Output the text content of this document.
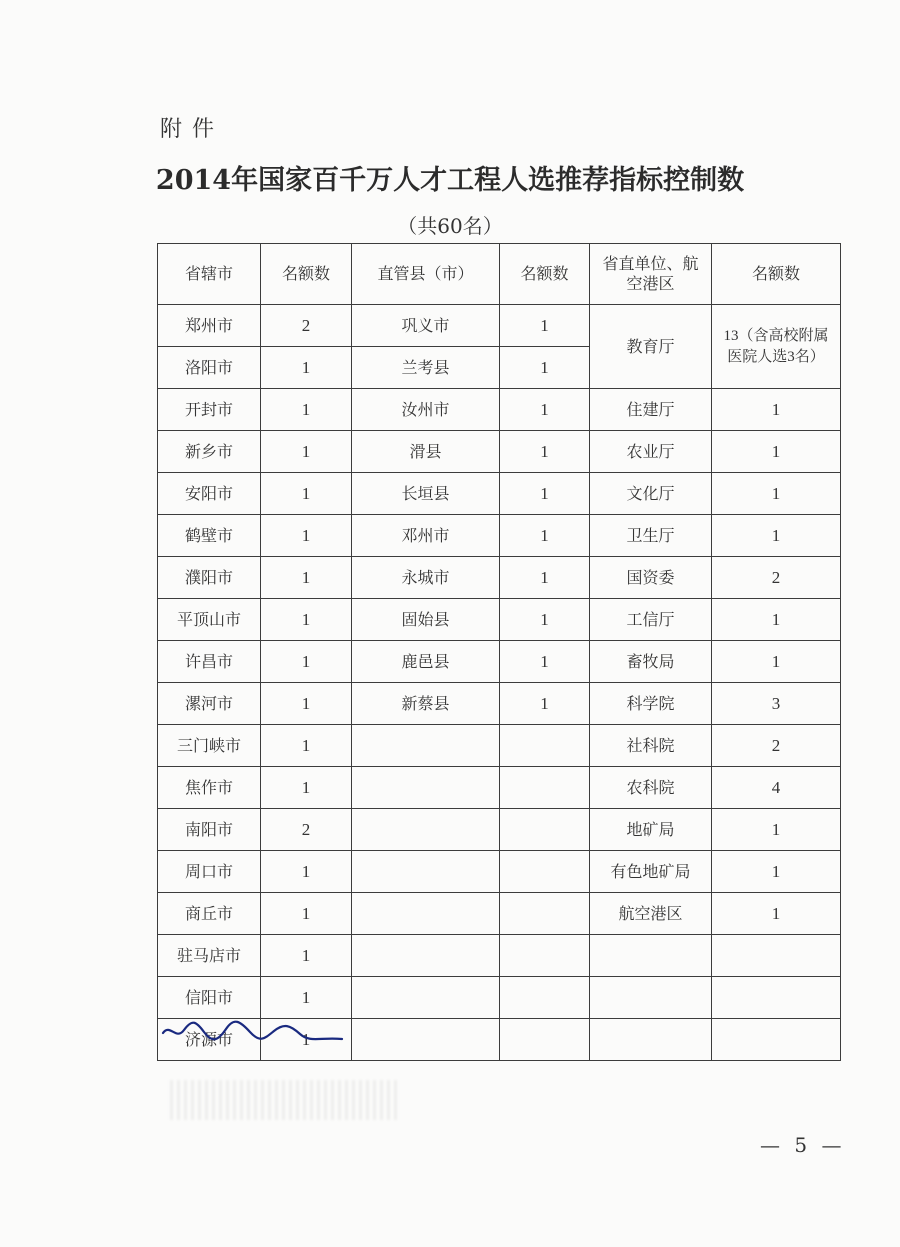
附件
2014年国家百千万人才工程人选推荐指标控制数
（共60名）
省辖市	名额数	直管县（市）	名额数	省直单位、航空港区	名额数
郑州市	2	巩义市	1	教育厅	13（含高校附属医院人选3名）
洛阳市	1	兰考县	1		
开封市	1	汝州市	1	住建厅	1
新乡市	1	滑县	1	农业厅	1
安阳市	1	长垣县	1	文化厅	1
鹤壁市	1	邓州市	1	卫生厅	1
濮阳市	1	永城市	1	国资委	2
平顶山市	1	固始县	1	工信厅	1
许昌市	1	鹿邑县	1	畜牧局	1
漯河市	1	新蔡县	1	科学院	3
三门峡市	1			社科院	2
焦作市	1			农科院	4
南阳市	2			地矿局	1
周口市	1			有色地矿局	1
商丘市	1			航空港区	1
驻马店市	1				
信阳市	1				
济源市	1				
— 5 —
